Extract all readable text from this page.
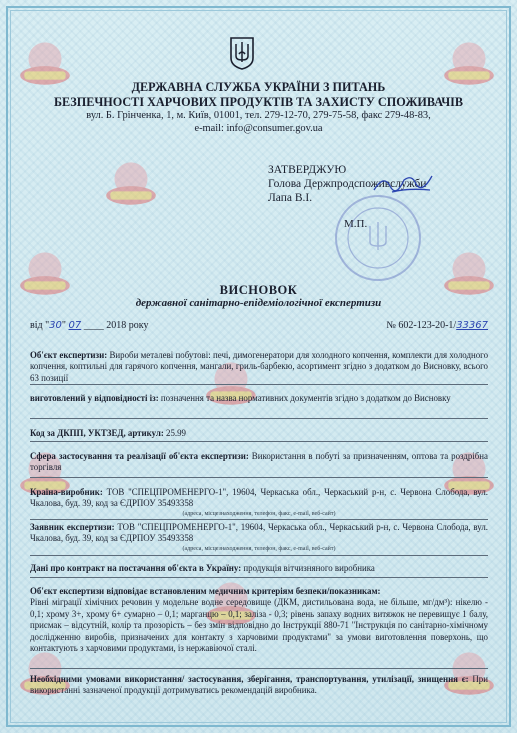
ДЕРЖАВНА СЛУЖБА УКРАЇНИ З ПИТАНЬ
БЕЗПЕЧНОСТІ ХАРЧОВИХ ПРОДУКТІВ ТА ЗАХИСТУ СПОЖИВАЧІВ
вул. Б. Грінченка, 1, м. Київ, 01001, тел. 279-12-70, 279-75-58, факс 279-48-83,
e-mail: info@consumer.gov.ua
ЗАТВЕРДЖУЮ
Голова Держпродспоживслужби
Лапа В.І.
М.П.
ВИСНОВОК
державної санітарно-епідеміологічної експертизи
від "30" 07 ____ 2018 року	№ 602-123-20-1/33367
Об'єкт експертизи: Вироби металеві побутові: печі, димогенератори для холодного копчення, комплекти для холодного копчення, коптильні для гарячого копчення, мангали, гриль-барбекю, асортимент згідно з додатком до Висновку, всього 63 позиції
виготовлений у відповідності із: позначення та назва нормативних документів згідно з додатком до Висновку
Код за ДКПП, УКТЗЕД, артикул: 25.99
Сфера застосування та реалізації об'єкта експертизи: Використання в побуті за призначенням, оптова та роздрібна торгівля
Країна-виробник: ТОВ "СПЕЦПРОМЕНЕРГО-1", 19604, Черкаська обл., Черкаський р-н, с. Червона Слобода, вул. Чкалова, буд. 39, код за ЄДРПОУ 35493358
(адреса, місцезнаходження, телефон, факс, e-mail, веб-сайт)
Заявник експертизи: ТОВ "СПЕЦПРОМЕНЕРГО-1", 19604, Черкаська обл., Черкаський р-н, с. Червона Слобода, вул. Чкалова, буд. 39, код за ЄДРПОУ 35493358
(адреса, місцезнаходження, телефон, факс, e-mail, веб-сайт)
Дані про контракт на постачання об'єкта в Україну: продукція вітчизняного виробника
Об'єкт експертизи відповідає встановленим медичним критеріям безпеки/показникам:
Рівні міграції хімічних речовин у модельне водне середовище (ДКМ, дистильована вода, не більше, мг/дм³): нікелю - 0,1; хрому 3+, хрому 6+ сумарно – 0,1; марганцю – 0,1; заліза - 0,3; рівень запаху водних витяжок не перевищує 1 балу, присмак – відсутній, колір та прозорість – без змін відповідно до Інструкції 880-71 "Інструкція по санітарно-хімічному дослідженню виробів, призначених для контакту з харчовими продуктами" за умови виготовлення поверхонь, що контактують з харчовими продуктами, із нержавіючої сталі.
Необхідними умовами використання/ застосування, зберігання, транспортування, утилізації, знищення є: При використанні зазначеної продукції дотримуватись рекомендацій виробника.
